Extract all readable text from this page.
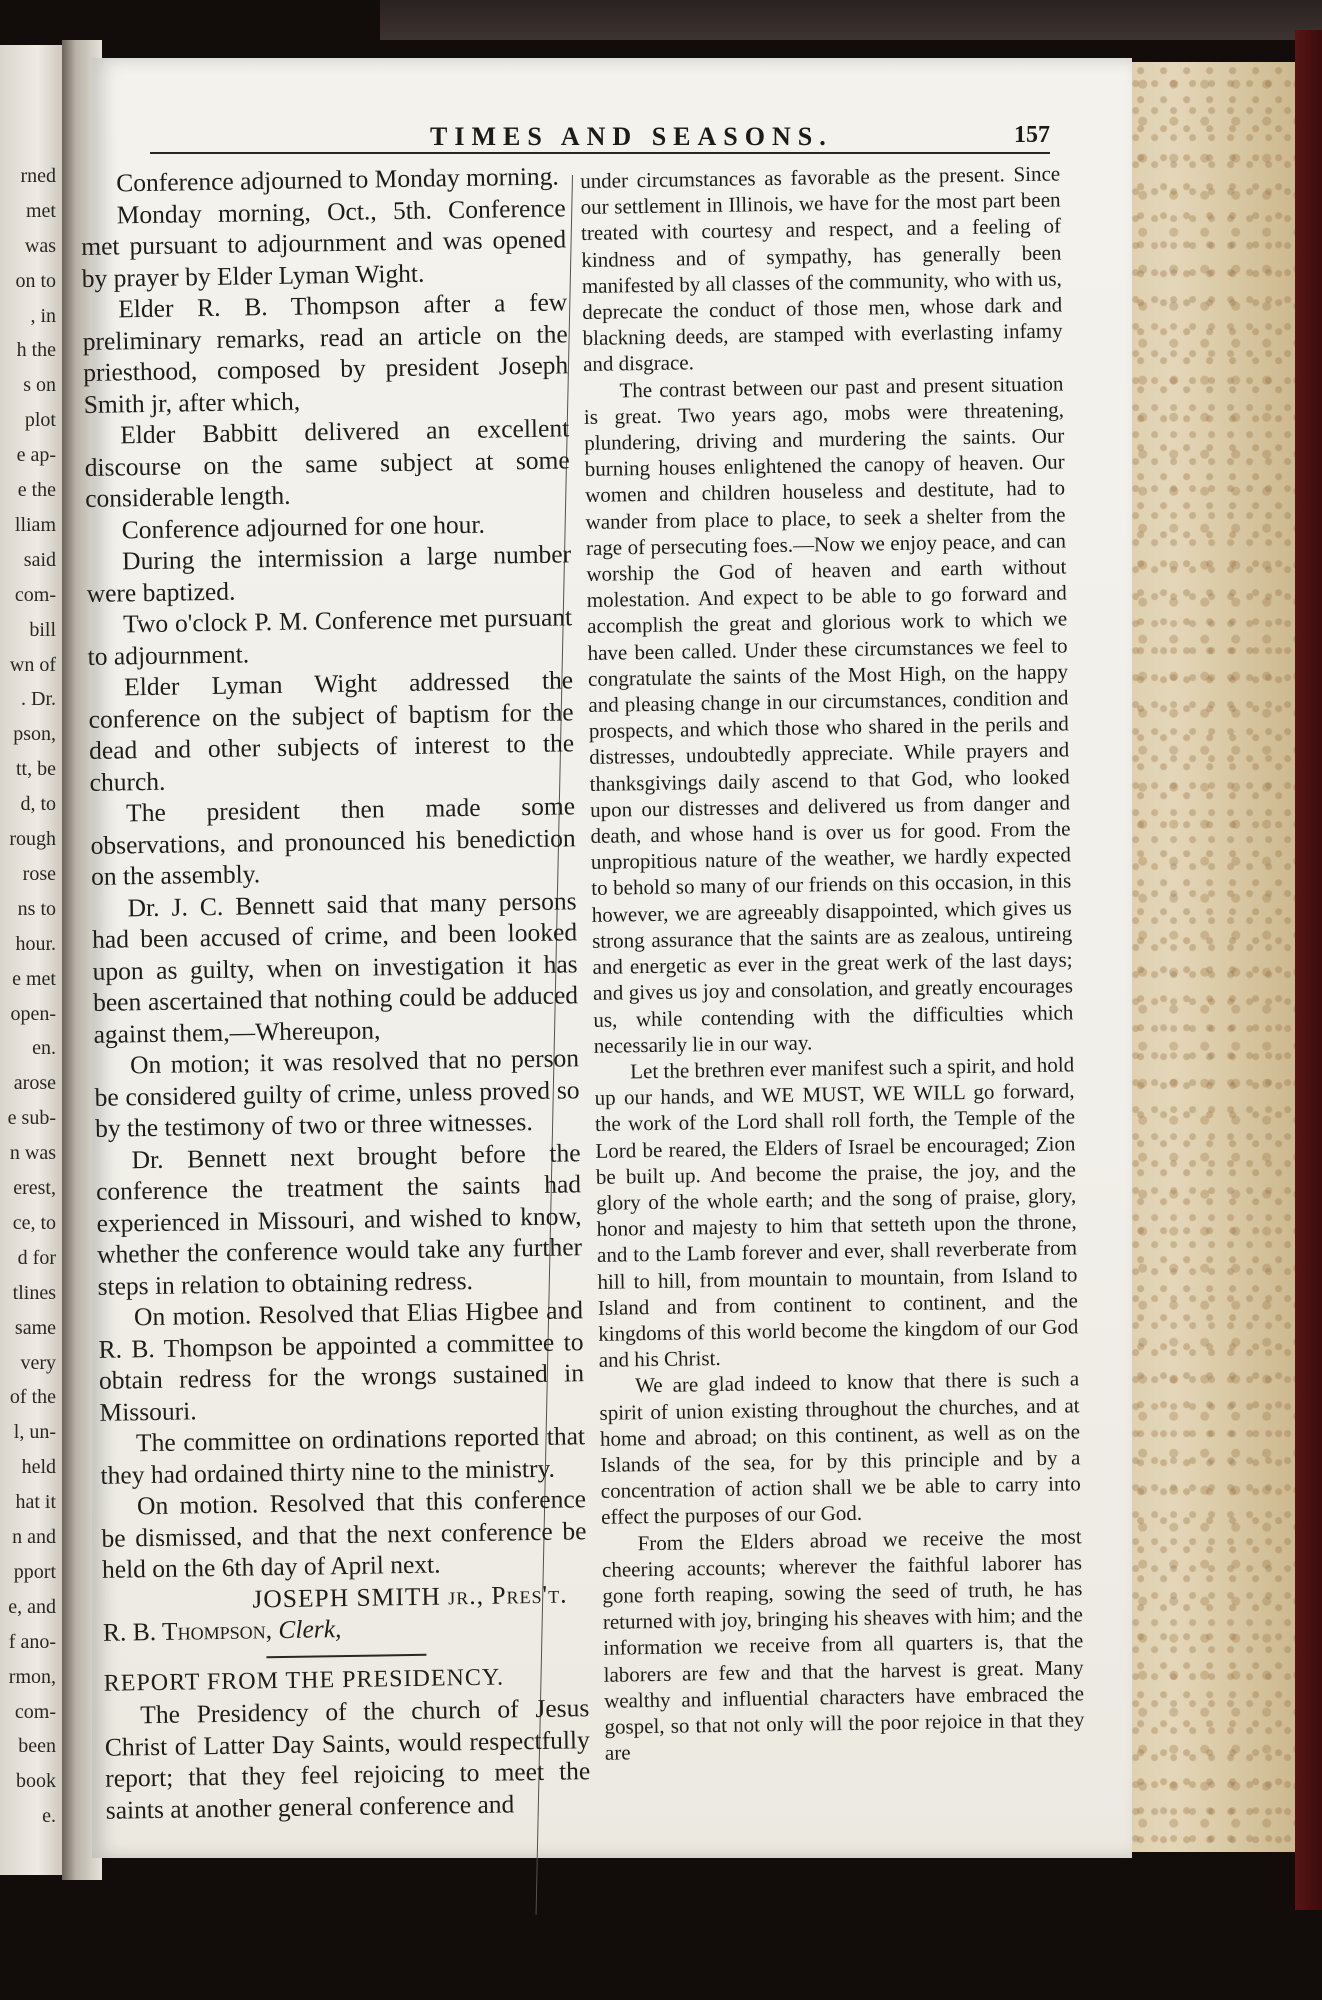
rned
met
was
on to
, in
h the
s on
plot
e ap-
e the
lliam
said
com-
bill
wn of
. Dr.
pson,
tt, be
d, to
rough
rose
ns to
hour.
e met
open-
en.
arose
e sub-
n was
erest,
ce, to
d for
tlines
same
very
of the
l, un-
held
hat it
n and
pport
e, and
f ano-
rmon,
com-
been
book
e.
TIMES AND SEASONS.	157

Conference adjourned to Monday morning.

Monday morning, Oct., 5th. Conference met pursuant to adjournment and was opened by prayer by Elder Lyman Wight.

Elder R. B. Thompson after a few preliminary remarks, read an article on the priesthood, composed by president Joseph Smith jr, after which,

Elder Babbitt delivered an excellent discourse on the same subject at some considerable length.

Conference adjourned for one hour.

During the intermission a large number were baptized.

Two o'clock P. M. Conference met pursuant to adjournment.

Elder Lyman Wight addressed the conference on the subject of baptism for the dead and other subjects of interest to the church.

The president then made some observations, and pronounced his benediction on the assembly.

Dr. J. C. Bennett said that many persons had been accused of crime, and been looked upon as guilty, when on investigation it has been ascertained that nothing could be adduced against them,—Whereupon,

On motion; it was resolved that no person be considered guilty of crime, unless proved so by the testimony of two or three witnesses.

Dr. Bennett next brought before the conference the treatment the saints had experienced in Missouri, and wished to know, whether the conference would take any further steps in relation to obtaining redress.

On motion. Resolved that Elias Higbee and R. B. Thompson be appointed a committee to obtain redress for the wrongs sustained in Missouri.

The committee on ordinations reported that they had ordained thirty nine to the ministry.

On motion. Resolved that this conference be dismissed, and that the next conference be held on the 6th day of April next.

JOSEPH SMITH jr., Pres't.

R. B. Thompson, Clerk,

REPORT FROM THE PRESIDENCY.

The Presidency of the church of Jesus Christ of Latter Day Saints, would respectfully report; that they feel rejoicing to meet the saints at another general conference and

under circumstances as favorable as the present. Since our settlement in Illinois, we have for the most part been treated with courtesy and respect, and a feeling of kindness and of sympathy, has generally been manifested by all classes of the community, who with us, deprecate the conduct of those men, whose dark and blackning deeds, are stamped with everlasting infamy and disgrace.

The contrast between our past and present situation is great. Two years ago, mobs were threatening, plundering, driving and murdering the saints. Our burning houses enlightened the canopy of heaven. Our women and children houseless and destitute, had to wander from place to place, to seek a shelter from the rage of persecuting foes.—Now we enjoy peace, and can worship the God of heaven and earth without molestation. And expect to be able to go forward and accomplish the great and glorious work to which we have been called. Under these circumstances we feel to congratulate the saints of the Most High, on the happy and pleasing change in our circumstances, condition and prospects, and which those who shared in the perils and distresses, undoubtedly appreciate. While prayers and thanksgivings daily ascend to that God, who looked upon our distresses and delivered us from danger and death, and whose hand is over us for good. From the unpropitious nature of the weather, we hardly expected to behold so many of our friends on this occasion, in this however, we are agreeably disappointed, which gives us strong assurance that the saints are as zealous, untireing and energetic as ever in the great werk of the last days; and gives us joy and consolation, and greatly encourages us, while contending with the difficulties which necessarily lie in our way.

Let the brethren ever manifest such a spirit, and hold up our hands, and WE MUST, WE WILL go forward, the work of the Lord shall roll forth, the Temple of the Lord be reared, the Elders of Israel be encouraged; Zion be built up. And become the praise, the joy, and the glory of the whole earth; and the song of praise, glory, honor and majesty to him that setteth upon the throne, and to the Lamb forever and ever, shall reverberate from hill to hill, from mountain to mountain, from Island to Island and from continent to continent, and the kingdoms of this world become the kingdom of our God and his Christ.

We are glad indeed to know that there is such a spirit of union existing throughout the churches, and at home and abroad; on this continent, as well as on the Islands of the sea, for by this principle and by a concentration of action shall we be able to carry into effect the purposes of our God.

From the Elders abroad we receive the most cheering accounts; wherever the faithful laborer has gone forth reaping, sowing the seed of truth, he has returned with joy, bringing his sheaves with him; and the information we receive from all quarters is, that the laborers are few and that the harvest is great. Many wealthy and influential characters have embraced the gospel, so that not only will the poor rejoice in that they are
